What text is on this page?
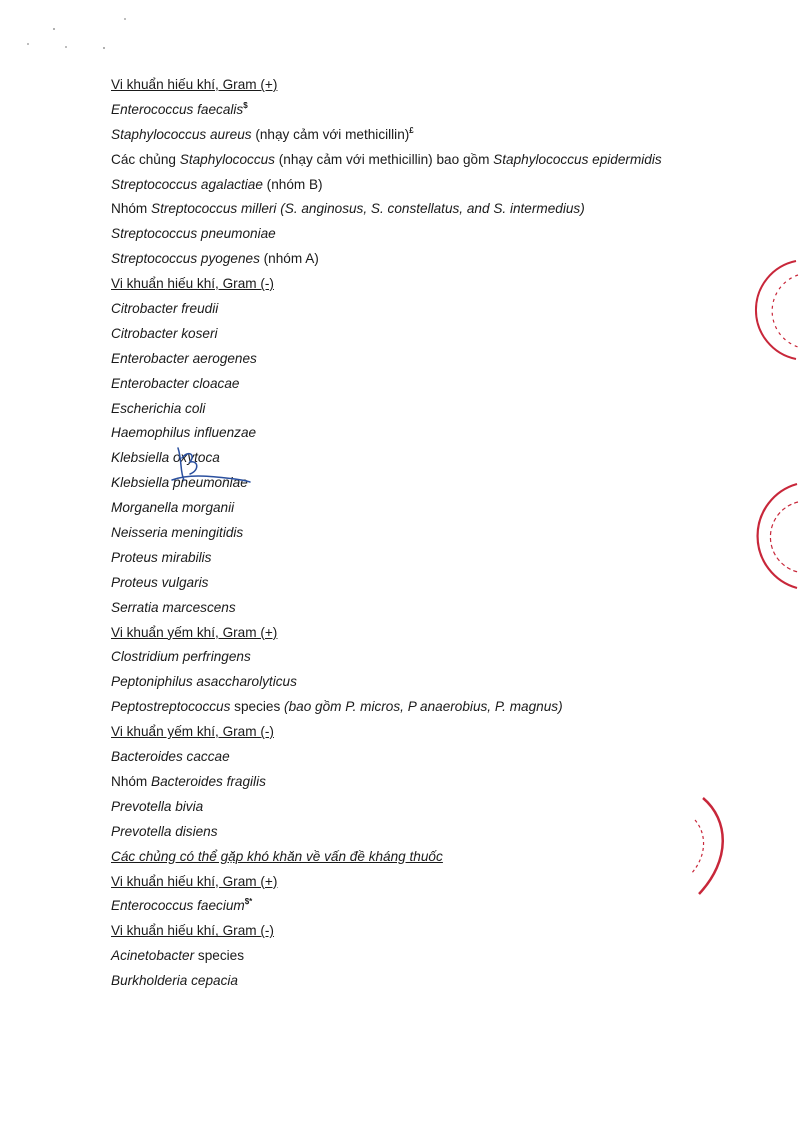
Vi khuẩn hiếu khí, Gram (+)
Enterococcus faecalis$
Staphylococcus aureus (nhạy cảm với methicillin)£
Các chủng Staphylococcus (nhạy cảm với methicillin) bao gồm Staphylococcus epidermidis
Streptococcus agalactiae (nhóm B)
Nhóm Streptococcus milleri (S. anginosus, S. constellatus, and S. intermedius)
Streptococcus pneumoniae
Streptococcus pyogenes (nhóm A)
Vi khuẩn hiếu khí, Gram (-)
Citrobacter freudii
Citrobacter koseri
Enterobacter aerogenes
Enterobacter cloacae
Escherichia coli
Haemophilus influenzae
Klebsiella oxytoca
Klebsiella pneumoniae
Morganella morganii
Neisseria meningitidis
Proteus mirabilis
Proteus vulgaris
Serratia marcescens
Vi khuẩn yếm khí, Gram (+)
Clostridium perfringens
Peptoniphilus asaccharolyticus
Peptostreptococcus species (bao gồm P. micros, P anaerobius, P. magnus)
Vi khuẩn yếm khí, Gram (-)
Bacteroides caccae
Nhóm Bacteroides fragilis
Prevotella bivia
Prevotella disiens
Các chủng có thể gặp khó khăn về vấn đề kháng thuốc
Vi khuẩn hiếu khí, Gram (+)
Enterococcus faecium$*
Vi khuẩn hiếu khí, Gram (-)
Acinetobacter species
Burkholderia cepacia
